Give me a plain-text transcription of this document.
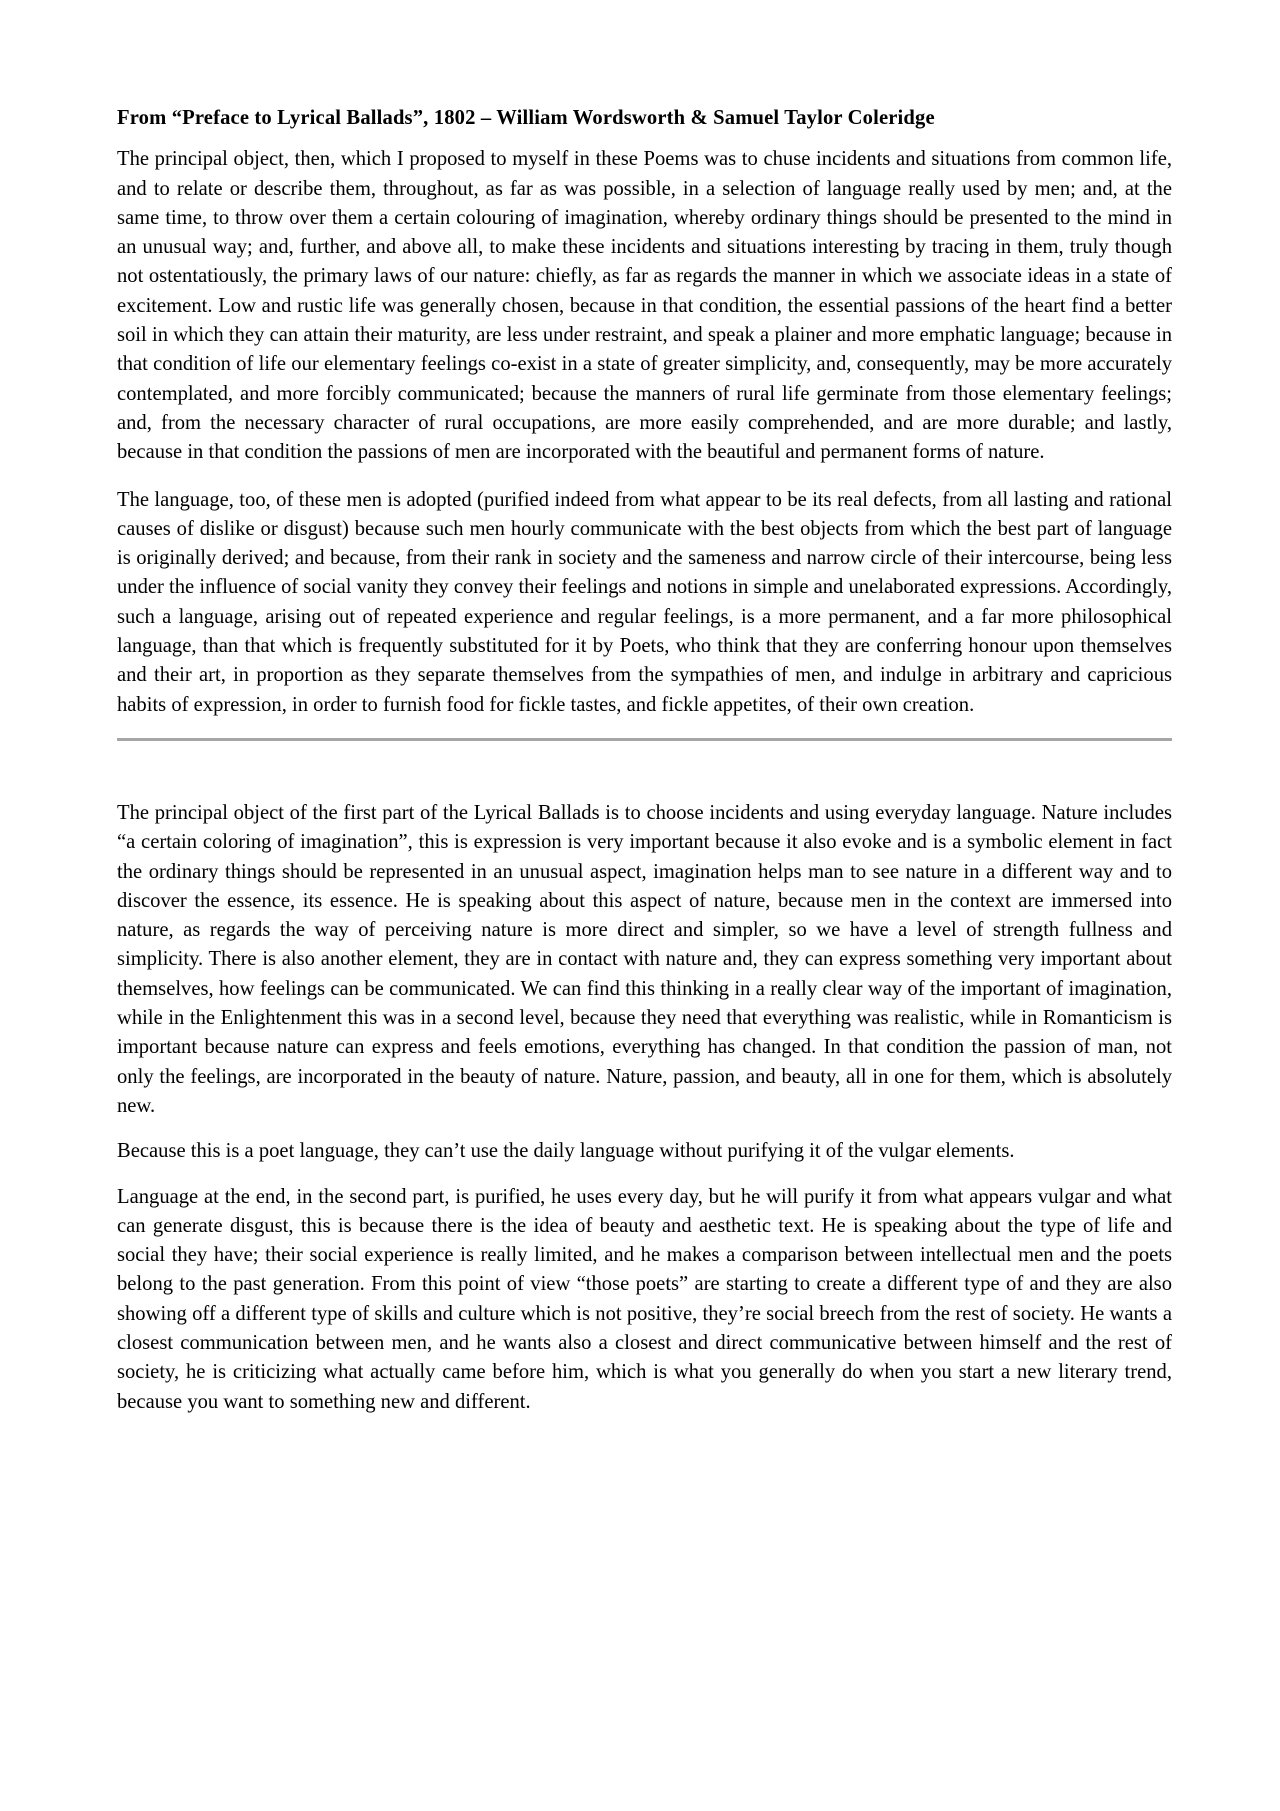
From “Preface to Lyrical Ballads”, 1802 – William Wordsworth & Samuel Taylor Coleridge

The principal object, then, which I proposed to myself in these Poems was to chuse incidents and situations from common life, and to relate or describe them, throughout, as far as was possible, in a selection of language really used by men; and, at the same time, to throw over them a certain colouring of imagination, whereby ordinary things should be presented to the mind in an unusual way; and, further, and above all, to make these incidents and situations interesting by tracing in them, truly though not ostentatiously, the primary laws of our nature: chiefly, as far as regards the manner in which we associate ideas in a state of excitement. Low and rustic life was generally chosen, because in that condition, the essential passions of the heart find a better soil in which they can attain their maturity, are less under restraint, and speak a plainer and more emphatic language; because in that condition of life our elementary feelings co-exist in a state of greater simplicity, and, consequently, may be more accurately contemplated, and more forcibly communicated; because the manners of rural life germinate from those elementary feelings; and, from the necessary character of rural occupations, are more easily comprehended, and are more durable; and lastly, because in that condition the passions of men are incorporated with the beautiful and permanent forms of nature.

The language, too, of these men is adopted (purified indeed from what appear to be its real defects, from all lasting and rational causes of dislike or disgust) because such men hourly communicate with the best objects from which the best part of language is originally derived; and because, from their rank in society and the sameness and narrow circle of their intercourse, being less under the influence of social vanity they convey their feelings and notions in simple and unelaborated expressions. Accordingly, such a language, arising out of repeated experience and regular feelings, is a more permanent, and a far more philosophical language, than that which is frequently substituted for it by Poets, who think that they are conferring honour upon themselves and their art, in proportion as they separate themselves from the sympathies of men, and indulge in arbitrary and capricious habits of expression, in order to furnish food for fickle tastes, and fickle appetites, of their own creation.

The principal object of the first part of the Lyrical Ballads is to choose incidents and using everyday language. Nature includes “a certain coloring of imagination”, this is expression is very important because it also evoke and is a symbolic element in fact the ordinary things should be represented in an unusual aspect, imagination helps man to see nature in a different way and to discover the essence, its essence. He is speaking about this aspect of nature, because men in the context are immersed into nature, as regards the way of perceiving nature is more direct and simpler, so we have a level of strength fullness and simplicity. There is also another element, they are in contact with nature and, they can express something very important about themselves, how feelings can be communicated. We can find this thinking in a really clear way of the important of imagination, while in the Enlightenment this was in a second level, because they need that everything was realistic, while in Romanticism is important because nature can express and feels emotions, everything has changed. In that condition the passion of man, not only the feelings, are incorporated in the beauty of nature. Nature, passion, and beauty, all in one for them, which is absolutely new.

Because this is a poet language, they can’t use the daily language without purifying it of the vulgar elements.

Language at the end, in the second part, is purified, he uses every day, but he will purify it from what appears vulgar and what can generate disgust, this is because there is the idea of beauty and aesthetic text. He is speaking about the type of life and social they have; their social experience is really limited, and he makes a comparison between intellectual men and the poets belong to the past generation. From this point of view “those poets” are starting to create a different type of and they are also showing off a different type of skills and culture which is not positive, they’re social breech from the rest of society. He wants a closest communication between men, and he wants also a closest and direct communicative between himself and the rest of society, he is criticizing what actually came before him, which is what you generally do when you start a new literary trend, because you want to something new and different.
